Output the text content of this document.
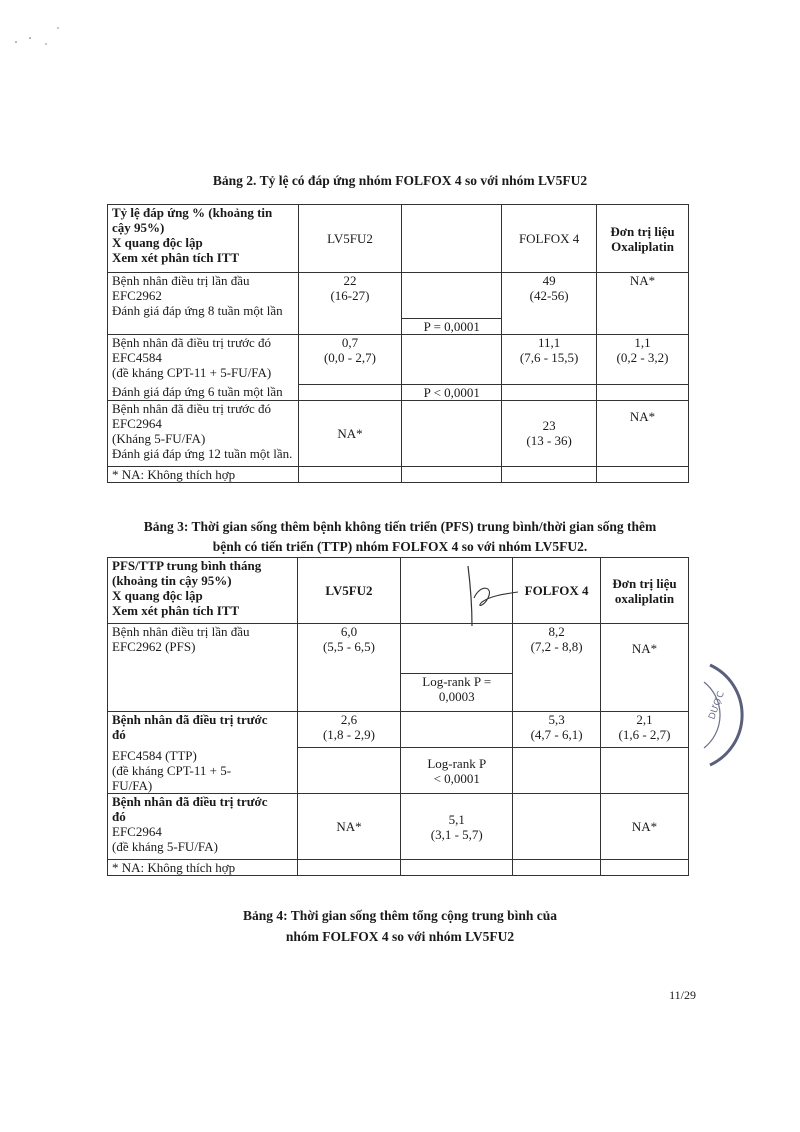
Bảng 2. Tỷ lệ có đáp ứng nhóm FOLFOX 4 so với nhóm LV5FU2
Tỷ lệ đáp ứng % (khoảng tin cậy 95%)
X quang độc lập
Xem xét phân tích ITT	LV5FU2		FOLFOX 4	Đơn trị liệu
Oxaliplatin

Bệnh nhân điều trị lần đầu EFC2962
Đánh giá đáp ứng 8 tuần một lần	22
(16-27)		49
(42-56)	NA*
		P = 0,0001		

Bệnh nhân đã điều trị trước đó
EFC4584
(đề kháng CPT-11 + 5-FU/FA)	0,7
(0,0 - 2,7)		11,1
(7,6 - 15,5)	1,1
(0,2 - 3,2)

Đánh giá đáp ứng 6 tuần một lần		P < 0,0001		

Bệnh nhân đã điều trị trước đó
EFC2964
(Kháng 5-FU/FA)
Đánh giá đáp ứng 12 tuần một lần.	NA*		23
(13 - 36)	NA*
* NA: Không thích hợp				
Bảng 3: Thời gian sống thêm bệnh không tiến triển (PFS) trung bình/thời gian sống thêm
bệnh có tiến triển (TTP) nhóm FOLFOX 4 so với nhóm LV5FU2.
PFS/TTP trung bình tháng
(khoảng tin cậy 95%)
X quang độc lập
Xem xét phân tích ITT	LV5FU2		FOLFOX 4	Đơn trị liệu
oxaliplatin

Bệnh nhân điều trị lần đầu
EFC2962 (PFS)	6,0
(5,5 - 6,5)		8,2
(7,2 - 8,8)	NA*

		Log-rank P =
0,0003		

Bệnh nhân đã điều trị trước
đó	2,6
(1,8 - 2,9)		5,3
(4,7 - 6,1)	2,1
(1,6 - 2,7)

EFC4584 (TTP)
(đề kháng CPT-11 + 5-
FU/FA)		Log-rank P
< 0,0001		

Bệnh nhân đã điều trị trước
đó
EFC2964
(đề kháng 5-FU/FA)	NA*	5,1
(3,1 - 5,7)		NA*
* NA: Không thích hợp				
DƯỢC
Bảng 4: Thời gian sống thêm tổng cộng trung bình của
nhóm FOLFOX 4 so với nhóm LV5FU2
11/29
